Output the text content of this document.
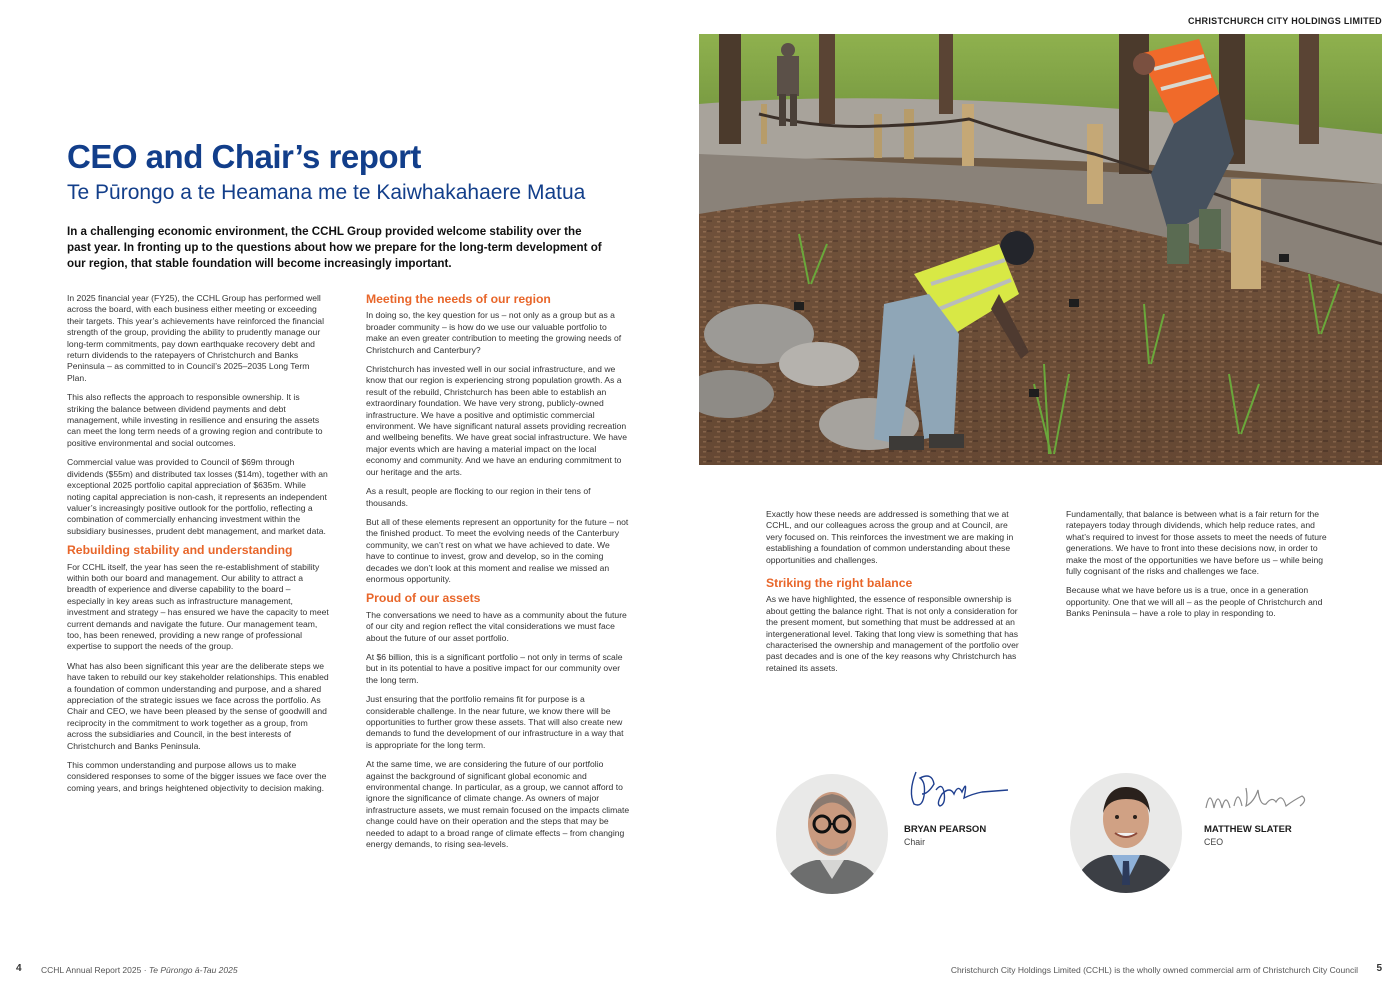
CHRISTCHURCH CITY HOLDINGS LIMITED
CEO and Chair’s report
Te Pūrongo a te Heamana me te Kaiwhakahaere Matua

In a challenging economic environment, the CCHL Group provided welcome stability over the past year. In fronting up to the questions about how we prepare for the long-term development of our region, that stable foundation will become increasingly important.

In 2025 financial year (FY25), the CCHL Group has performed well across the board, with each business either meeting or exceeding their targets. This year’s achievements have reinforced the financial strength of the group, providing the ability to prudently manage our long-term commitments, pay down earthquake recovery debt and return dividends to the ratepayers of Christchurch and Banks Peninsula – as committed to in Council’s 2025–2035 Long Term Plan.

This also reflects the approach to responsible ownership. It is striking the balance between dividend payments and debt management, while investing in resilience and ensuring the assets can meet the long term needs of a growing region and contribute to positive environmental and social outcomes.

Commercial value was provided to Council of $69m through dividends ($55m) and distributed tax losses ($14m), together with an exceptional 2025 portfolio capital appreciation of $635m. While noting capital appreciation is non-cash, it represents an independent valuer’s increasingly positive outlook for the portfolio, reflecting a combination of commercially enhancing investment within the subsidiary businesses, prudent debt management, and market data.

Rebuilding stability and understanding

For CCHL itself, the year has seen the re-establishment of stability within both our board and management. Our ability to attract a breadth of experience and diverse capability to the board – especially in key areas such as infrastructure management, investment and strategy – has ensured we have the capacity to meet current demands and navigate the future. Our management team, too, has been renewed, providing a new range of professional expertise to support the needs of the group.

What has also been significant this year are the deliberate steps we have taken to rebuild our key stakeholder relationships. This enabled a foundation of common understanding and purpose, and a shared appreciation of the strategic issues we face across the portfolio. As Chair and CEO, we have been pleased by the sense of goodwill and reciprocity in the commitment to work together as a group, from across the subsidiaries and Council, in the best interests of Christchurch and Banks Peninsula.

This common understanding and purpose allows us to make considered responses to some of the bigger issues we face over the coming years, and brings heightened objectivity to decision making.

Meeting the needs of our region

In doing so, the key question for us – not only as a group but as a broader community – is how do we use our valuable portfolio to make an even greater contribution to meeting the growing needs of Christchurch and Canterbury?

Christchurch has invested well in our social infrastructure, and we know that our region is experiencing strong population growth. As a result of the rebuild, Christchurch has been able to establish an extraordinary foundation. We have very strong, publicly-owned infrastructure. We have a positive and optimistic commercial environment. We have significant natural assets providing recreation and wellbeing benefits. We have great social infrastructure. We have major events which are having a material impact on the local economy and community. And we have an enduring commitment to our heritage and the arts.

As a result, people are flocking to our region in their tens of thousands.

But all of these elements represent an opportunity for the future – not the finished product. To meet the evolving needs of the Canterbury community, we can’t rest on what we have achieved to date. We have to continue to invest, grow and develop, so in the coming decades we don’t look at this moment and realise we missed an enormous opportunity.

Proud of our assets

The conversations we need to have as a community about the future of our city and region reflect the vital considerations we must face about the future of our asset portfolio.

At $6 billion, this is a significant portfolio – not only in terms of scale but in its potential to have a positive impact for our community over the long term.

Just ensuring that the portfolio remains fit for purpose is a considerable challenge. In the near future, we know there will be opportunities to further grow these assets. That will also create new demands to fund the development of our infrastructure in a way that is appropriate for the long term.

At the same time, we are considering the future of our portfolio against the background of significant global economic and environmental change. In particular, as a group, we cannot afford to ignore the significance of climate change. As owners of major infrastructure assets, we must remain focused on the impacts climate change could have on their operation and the steps that may be needed to adapt to a broad range of climate effects – from changing energy demands, to rising sea-levels.

Exactly how these needs are addressed is something that we at CCHL, and our colleagues across the group and at Council, are very focused on. This reinforces the investment we are making in establishing a foundation of common understanding about these opportunities and challenges.

Striking the right balance

As we have highlighted, the essence of responsible ownership is about getting the balance right. That is not only a consideration for the present moment, but something that must be addressed at an intergenerational level. Taking that long view is something that has characterised the ownership and management of the portfolio over past decades and is one of the key reasons why Christchurch has retained its assets.

Fundamentally, that balance is between what is a fair return for the ratepayers today through dividends, which help reduce rates, and what’s required to invest for those assets to meet the needs of future generations. We have to front into these decisions now, in order to make the most of the opportunities we have before us – while being fully cognisant of the risks and challenges we face.

Because what we have before us is a true, once in a generation opportunity. One that we will all – as the people of Christchurch and Banks Peninsula – have a role to play in responding to.

BRYAN PEARSON
Chair
MATTHEW SLATER
CEO
4 CCHL Annual Report 2025 · Te Pūrongo ā-Tau 2025	Christchurch City Holdings Limited (CCHL) is the wholly owned commercial arm of Christchurch City Council 5
